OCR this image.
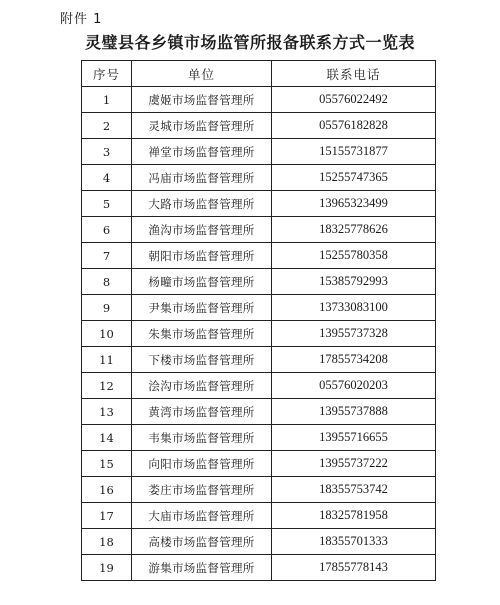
附件 1
灵璧县各乡镇市场监管所报备联系方式一览表
序号	单位	联系电话
1	虞姬市场监督管理所	05576022492
2	灵城市场监督管理所	05576182828
3	禅堂市场监督管理所	15155731877
4	冯庙市场监督管理所	15255747365
5	大路市场监督管理所	13965323499
6	渔沟市场监督管理所	18325778626
7	朝阳市场监督管理所	15255780358
8	杨疃市场监督管理所	15385792993
9	尹集市场监督管理所	13733083100
10	朱集市场监督管理所	13955737328
11	下楼市场监督管理所	17855734208
12	浍沟市场监督管理所	05576020203
13	黄湾市场监督管理所	13955737888
14	韦集市场监督管理所	13955716655
15	向阳市场监督管理所	13955737222
16	娄庄市场监督管理所	18355753742
17	大庙市场监督管理所	18325781958
18	高楼市场监督管理所	18355701333
19	游集市场监督管理所	17855778143
